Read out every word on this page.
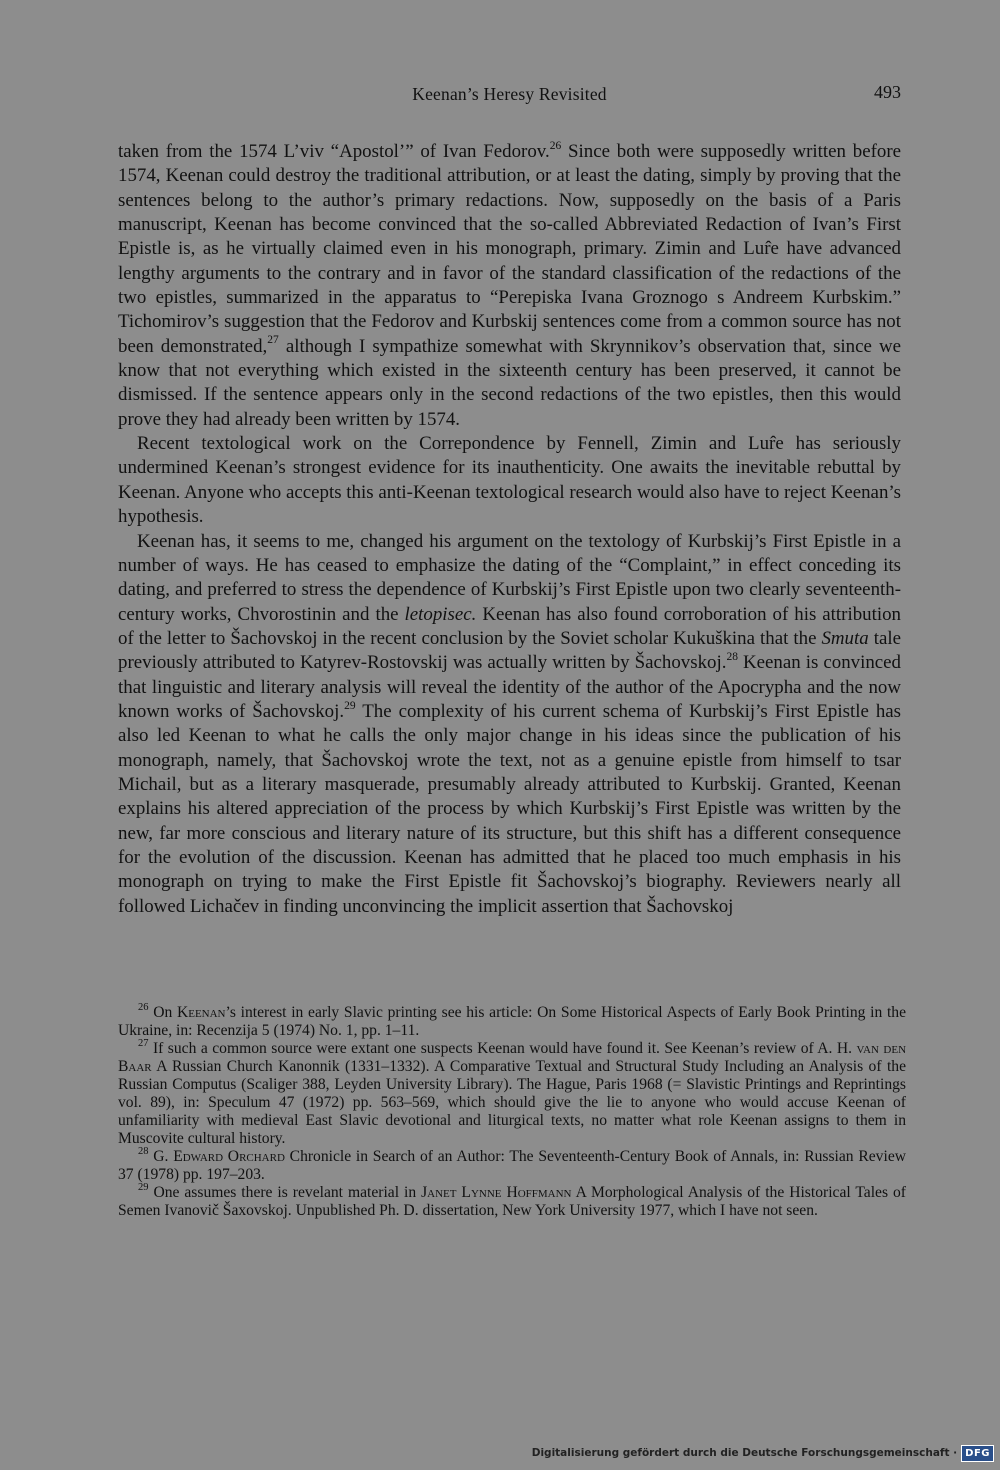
Keenan’s Heresy Revisited	493

taken from the 1574 L’viv “Apostol’” of Ivan Fedorov.$^{26}$ Since both were supposedly written before 1574, Keenan could destroy the traditional attribution, or at least the dating, simply by proving that the sentences belong to the author’s primary redactions. Now, supposedly on the basis of a Paris manuscript, Keenan has become convinced that the so-called Abbreviated Redaction of Ivan’s First Epistle is, as he virtually claimed even in his monograph, primary. Zimin and Lur̂e have advanced lengthy arguments to the contrary and in favor of the standard classification of the redactions of the two epistles, summarized in the apparatus to “Perepiska Ivana Groznogo s Andreem Kurbskim.” Tichomirov’s suggestion that the Fedorov and Kurbskij sentences come from a common source has not been demonstrated,$^{27}$ although I sympathize somewhat with Skrynnikov’s observation that, since we know that not everything which existed in the sixteenth century has been preserved, it cannot be dismissed. If the sentence appears only in the second redactions of the two epistles, then this would prove they had already been written by 1574.

Recent textological work on the Correpondence by Fennell, Zimin and Lur̂e has seriously undermined Keenan’s strongest evidence for its inauthenticity. One awaits the inevitable rebuttal by Keenan. Anyone who accepts this anti-Keenan textological research would also have to reject Keenan’s hypothesis.

Keenan has, it seems to me, changed his argument on the textology of Kurbskij’s First Epistle in a number of ways. He has ceased to emphasize the dating of the “Complaint,” in effect conceding its dating, and preferred to stress the dependence of Kurbskij’s First Epistle upon two clearly seventeenth-century works, Chvorostinin and the letopisec. Keenan has also found corroboration of his attribution of the letter to Šachovskoj in the recent conclusion by the Soviet scholar Kukuškina that the Smuta tale previously attributed to Katyrev-Rostovskij was actually written by Šachovskoj.$^{28}$ Keenan is convinced that linguistic and literary analysis will reveal the identity of the author of the Apocrypha and the now known works of Šachovskoj.$^{29}$ The complexity of his current schema of Kurbskij’s First Epistle has also led Keenan to what he calls the only major change in his ideas since the publication of his monograph, namely, that Šachovskoj wrote the text, not as a genuine epistle from himself to tsar Michail, but as a literary masquerade, presumably already attributed to Kurbskij. Granted, Keenan explains his altered appreciation of the process by which Kurbskij’s First Epistle was written by the new, far more conscious and literary nature of its structure, but this shift has a different consequence for the evolution of the discussion. Keenan has admitted that he placed too much emphasis in his monograph on trying to make the First Epistle fit Šachovskoj’s biography. Reviewers nearly all followed Lichačev in finding unconvincing the implicit assertion that Šachovskoj

$^{26}$ On Keenan’s interest in early Slavic printing see his article: On Some Historical Aspects of Early Book Printing in the Ukraine, in: Recenzija 5 (1974) No. 1, pp. 1–11.

$^{27}$ If such a common source were extant one suspects Keenan would have found it. See Keenan’s review of A. H. van den Baar A Russian Church Kanonnik (1331–1332). A Comparative Textual and Structural Study Including an Analysis of the Russian Computus (Scaliger 388, Leyden University Library). The Hague, Paris 1968 (= Slavistic Printings and Reprintings vol. 89), in: Speculum 47 (1972) pp. 563–569, which should give the lie to anyone who would accuse Keenan of unfamiliarity with medieval East Slavic devotional and liturgical texts, no matter what role Keenan assigns to them in Muscovite cultural history.

$^{28}$ G. Edward Orchard Chronicle in Search of an Author: The Seventeenth-Century Book of Annals, in: Russian Review 37 (1978) pp. 197–203.

$^{29}$ One assumes there is revelant material in Janet Lynne Hoffmann A Morphological Analysis of the Historical Tales of Semen Ivanovič Šaxovskoj. Unpublished Ph. D. dissertation, New York University 1977, which I have not seen.

Digitalisierung gefördert durch die Deutsche Forschungsgemeinschaft · DFG
